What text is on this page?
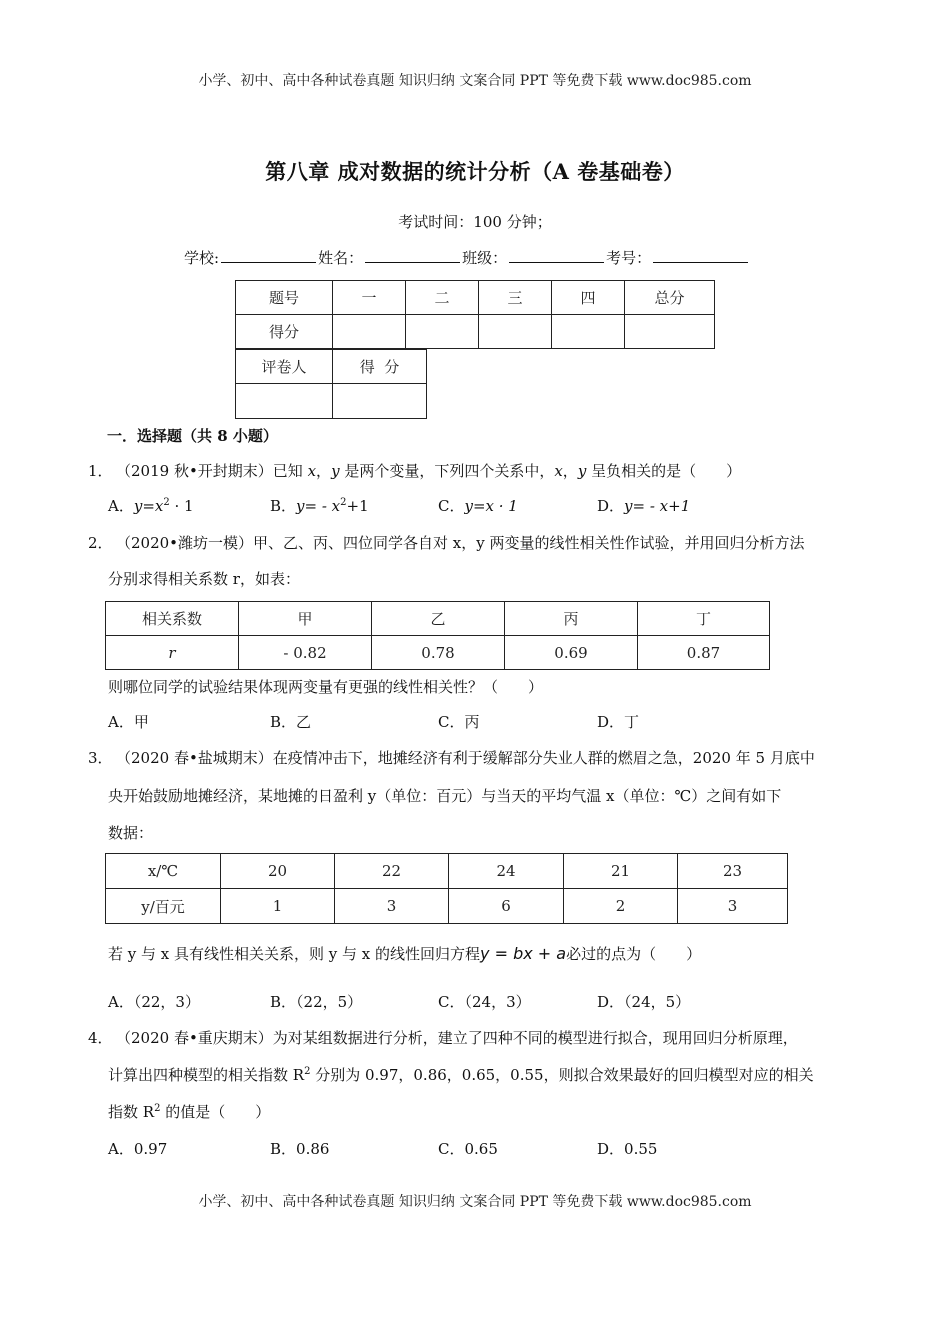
小学、初中、高中各种试卷真题 知识归纳 文案合同 PPT 等免费下载 www.doc985.com
第八章 成对数据的统计分析（A 卷基础卷）
考试时间：100 分钟；
学校:	姓名：	班级：	考号：
题号	一	二	三	四	总分
得分					
评卷人	得  分

一．选择题（共 8 小题）
1． （2019 秋•开封期末）已知 x，y 是两个变量，下列四个关系中，x，y 呈负相关的是（　　）
A．$y=x^2 \cdot 1$	B．$y= - x^2+1$	C．y=x · 1	D．y= - x+1
2． （2020•潍坊一模）甲、乙、丙、四位同学各自对 x，y 两变量的线性相关性作试验，并用回归分析方法
分别求得相关系数 r，如表：
相关系数	甲	乙	丙	丁
r	- 0.82	0.78	0.69	0.87
则哪位同学的试验结果体现两变量有更强的线性相关性？（　　）
A．甲	B．乙	C．丙	D．丁
3． （2020 春•盐城期末）在疫情冲击下，地摊经济有利于缓解部分失业人群的燃眉之急，2020 年 5 月底中
央开始鼓励地摊经济，某地摊的日盈利 y（单位：百元）与当天的平均气温 x（单位：℃）之间有如下
数据：
x/℃	20	22	24	21	23
y/百元	1	3	6	2	3
若 y 与 x 具有线性相关关系，则 y 与 x 的线性回归方程y = bx + a必过的点为（　　）
A．（22，3）	B．（22，5）	C．（24，3）	D．（24，5）
4． （2020 春•重庆期末）为对某组数据进行分析，建立了四种不同的模型进行拟合，现用回归分析原理，
计算出四种模型的相关指数 $R^2$ 分别为 0.97，0.86，0.65，0.55，则拟合效果最好的回归模型对应的相关
指数 $R^2$ 的值是（　　）
A．0.97	B．0.86	C．0.65	D．0.55
小学、初中、高中各种试卷真题 知识归纳 文案合同 PPT 等免费下载 www.doc985.com
